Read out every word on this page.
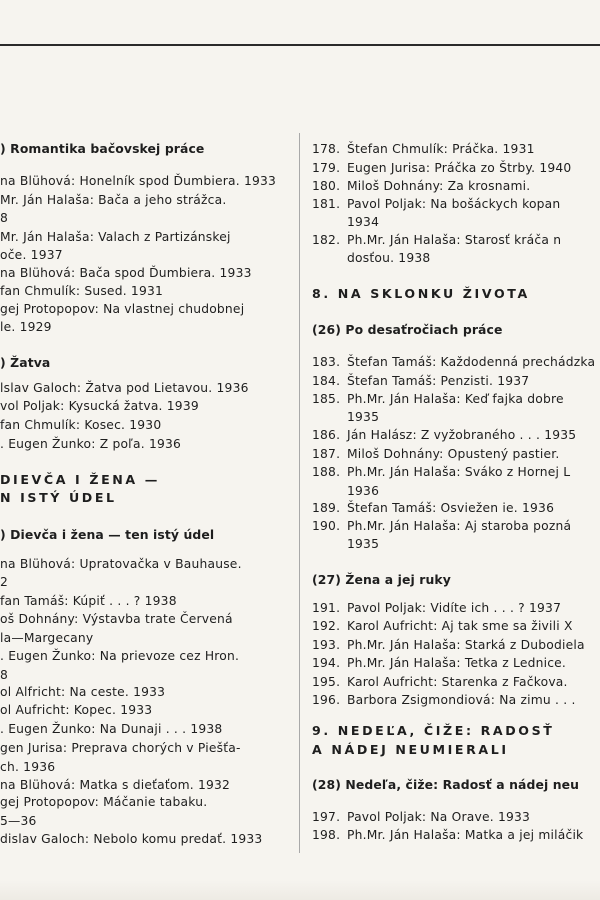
) Romantika bačovskej práce
na Blühová: Honelník spod Ďumbiera. 1933
Mr. Ján Halaša: Bača a jeho strážca.
8
Mr. Ján Halaša: Valach z Partizánskej
oče. 1937
na Blühová: Bača spod Ďumbiera. 1933
fan Chmulík: Sused. 1931
gej Protopopov: Na vlastnej chudobnej
le. 1929
) Žatva
lslav Galoch: Žatva pod Lietavou. 1936
vol Poljak: Kysucká žatva. 1939
fan Chmulík: Kosec. 1930
. Eugen Žunko: Z poľa. 1936
DIEVČA I ŽENA —
N ISTÝ ÚDEL
) Dievča i žena — ten istý údel
na Blühová: Upratovačka v Bauhause.
2
fan Tamáš: Kúpiť . . . ? 1938
oš Dohnány: Výstavba trate Červená
la—Margecany
. Eugen Žunko: Na prievoze cez Hron.
8
ol Alfricht: Na ceste. 1933
ol Aufricht: Kopec. 1933
. Eugen Žunko: Na Dunaji . . . 1938
gen Jurisa: Preprava chorých v Piešťa-
ch. 1936
na Blühová: Matka s dieťaťom. 1932
gej Protopopov: Máčanie tabaku.
5—36
dislav Galoch: Nebolo komu predať. 1933
178. Štefan Chmulík: Práčka. 1931
179. Eugen Jurisa: Práčka zo Štrby. 1940
180. Miloš Dohnány: Za krosnami.
181. Pavol Poljak: Na bošáckych kopan
1934
182. Ph.Mr. Ján Halaša: Starosť kráča n
dosťou. 1938
8. NA SKLONKU ŽIVOTA
(26) Po desaťročiach práce
183. Štefan Tamáš: Každodenná prechádzka
184. Štefan Tamáš: Penzisti. 1937
185. Ph.Mr. Ján Halaša: Keď fajka dobre
1935
186. Ján Halász: Z vyžobraného . . . 1935
187. Miloš Dohnány: Opustený pastier.
188. Ph.Mr. Ján Halaša: Sváko z Hornej L
1936
189. Štefan Tamáš: Osviežen ie. 1936
190. Ph.Mr. Ján Halaša: Aj staroba pozná
1935
(27) Žena a jej ruky
191. Pavol Poljak: Vidíte ich . . . ? 1937
192. Karol Aufricht: Aj tak sme sa živili X
193. Ph.Mr. Ján Halaša: Starká z Dubodiela
194. Ph.Mr. Ján Halaša: Tetka z Lednice.
195. Karol Aufricht: Starenka z Fačkova.
196. Barbora Zsigmondiová: Na zimu . . .
9. NEDEĽA, ČIŽE: RADOSŤ
A NÁDEJ NEUMIERALI
(28) Nedeľa, čiže: Radosť a nádej neu
197. Pavol Poljak: Na Orave. 1933
198. Ph.Mr. Ján Halaša: Matka a jej miláčik
